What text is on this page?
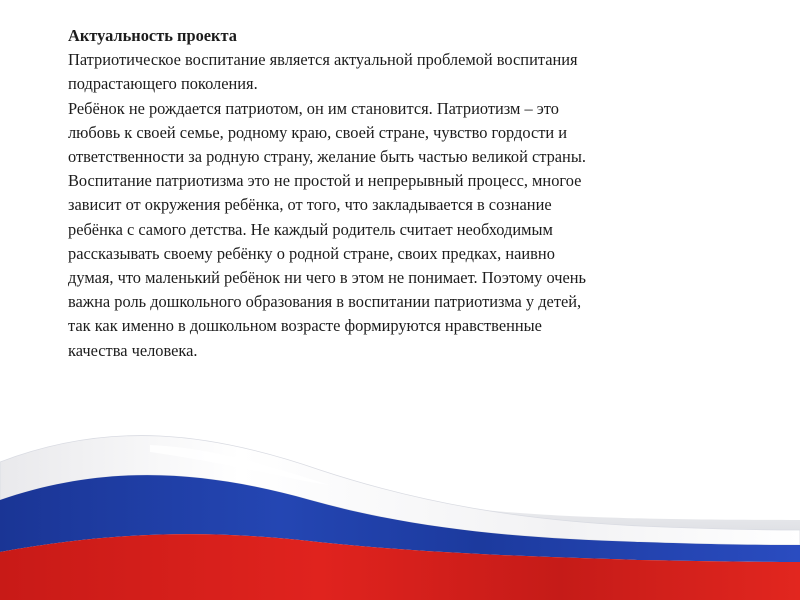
Актуальность проекта
Патриотическое воспитание является актуальной проблемой воспитания
подрастающего поколения.
Ребёнок не рождается патриотом, он им становится. Патриотизм – это
любовь к своей семье, родному краю, своей стране, чувство гордости и
ответственности за родную страну, желание быть частью великой страны.
Воспитание патриотизма это не простой и непрерывный процесс, многое
зависит от окружения ребёнка, от того, что закладывается в сознание
ребёнка с самого детства. Не каждый родитель считает необходимым
рассказывать своему ребёнку о родной стране, своих предках, наивно
думая, что маленький ребёнок ни чего в этом не понимает. Поэтому очень
важна роль дошкольного образования в воспитании патриотизма у детей,
так как именно в дошкольном возрасте формируются нравственные
качества человека.
